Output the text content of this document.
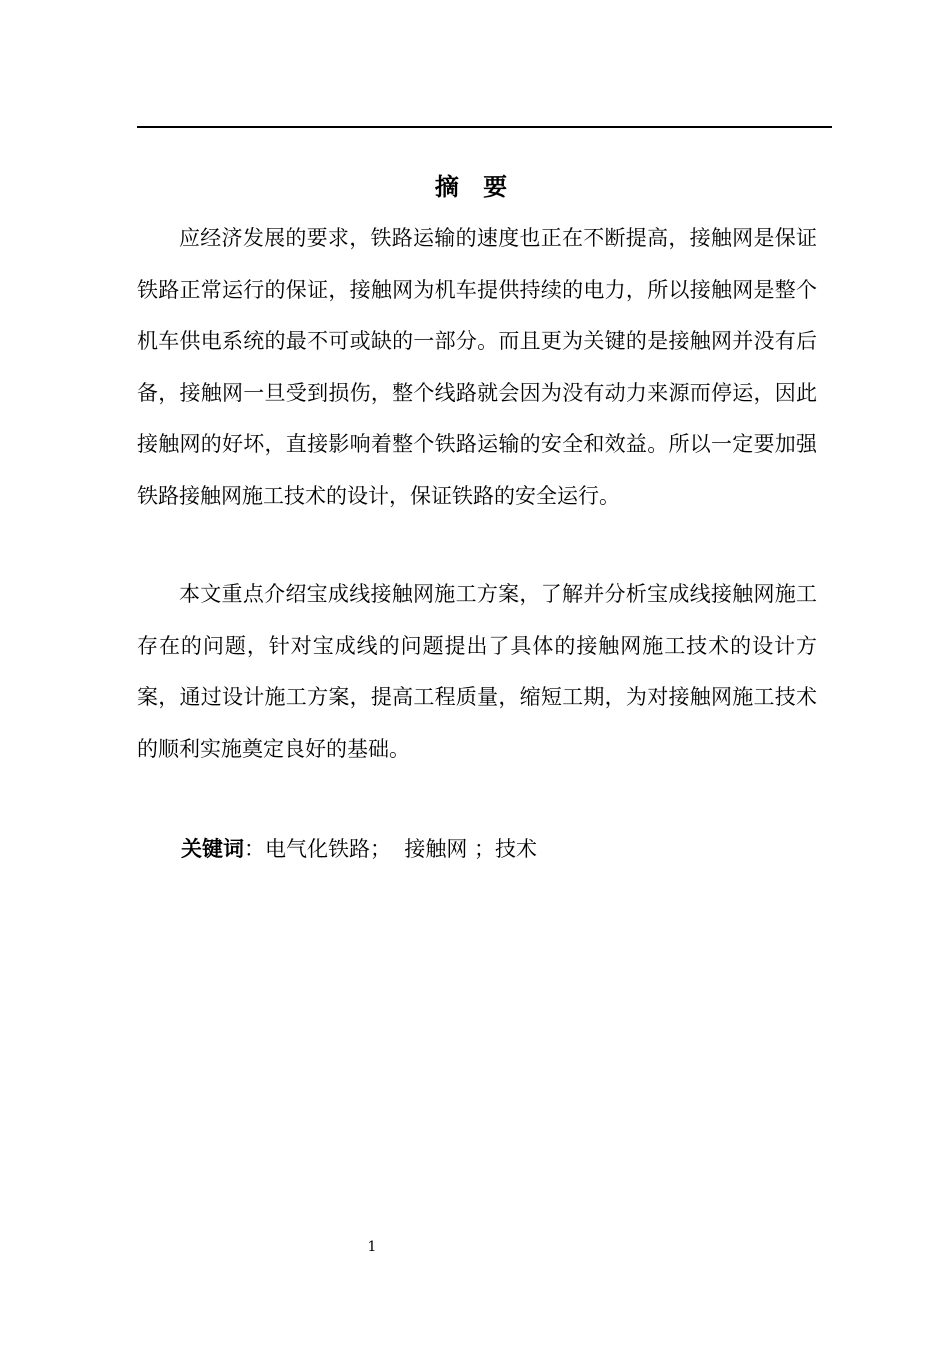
摘 要

应经济发展的要求，铁路运输的速度也正在不断提高，接触网是保证铁路正常运行的保证，接触网为机车提供持续的电力，所以接触网是整个机车供电系统的最不可或缺的一部分。而且更为关键的是接触网并没有后备，接触网一旦受到损伤，整个线路就会因为没有动力来源而停运，因此接触网的好坏，直接影响着整个铁路运输的安全和效益。所以一定要加强铁路接触网施工技术的设计，保证铁路的安全运行。

本文重点介绍宝成线接触网施工方案，了解并分析宝成线接触网施工存在的问题，针对宝成线的问题提出了具体的接触网施工技术的设计方案，通过设计施工方案，提高工程质量，缩短工期，为对接触网施工技术的顺利实施奠定良好的基础。

关键词：电气化铁路；  接触网 ；技术
1
